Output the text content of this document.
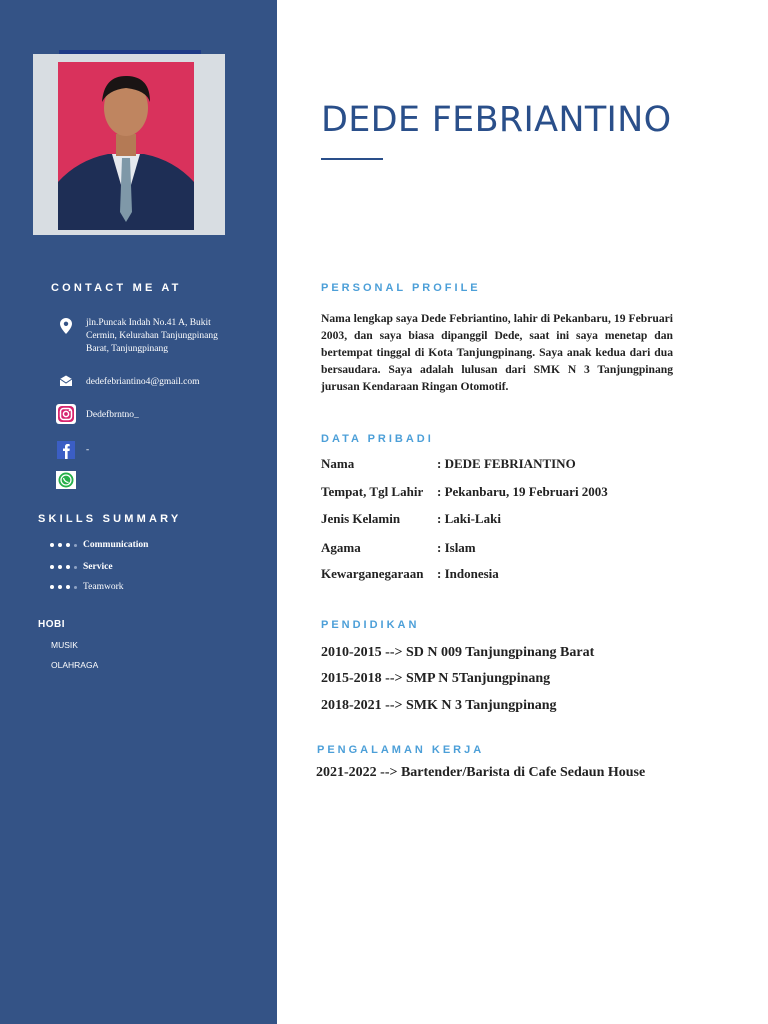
CONTACT ME AT
jln.Puncak Indah No.41 A, Bukit Cermin, Kelurahan Tanjungpinang Barat, Tanjungpinang
dedefebriantino4@gmail.com
Dedefbrntno_
-
SKILLS SUMMARY
Communication
Service
Teamwork
HOBI
MUSIK
OLAHRAGA
DEDE FEBRIANTINO
PERSONAL PROFILE
Nama lengkap saya Dede Febriantino, lahir di Pekanbaru, 19 Februari 2003, dan saya biasa dipanggil Dede, saat ini saya menetap dan bertempat tinggal di Kota Tanjungpinang. Saya anak kedua dari dua bersaudara. Saya adalah lulusan dari SMK N 3 Tanjungpinang jurusan Kendaraan Ringan Otomotif.
DATA PRIBADI
Nama	: DEDE FEBRIANTINO
Tempat, Tgl Lahir : Pekanbaru, 19 Februari 2003
Jenis Kelamin	: Laki-Laki
Agama	: Islam
Kewarganegaraan : Indonesia
PENDIDIKAN
2010-2015 --> SD N 009 Tanjungpinang Barat
2015-2018 --> SMP N 5Tanjungpinang
2018-2021 --> SMK N 3 Tanjungpinang
PENGALAMAN KERJA
2021-2022 --> Bartender/Barista di Cafe Sedaun House
